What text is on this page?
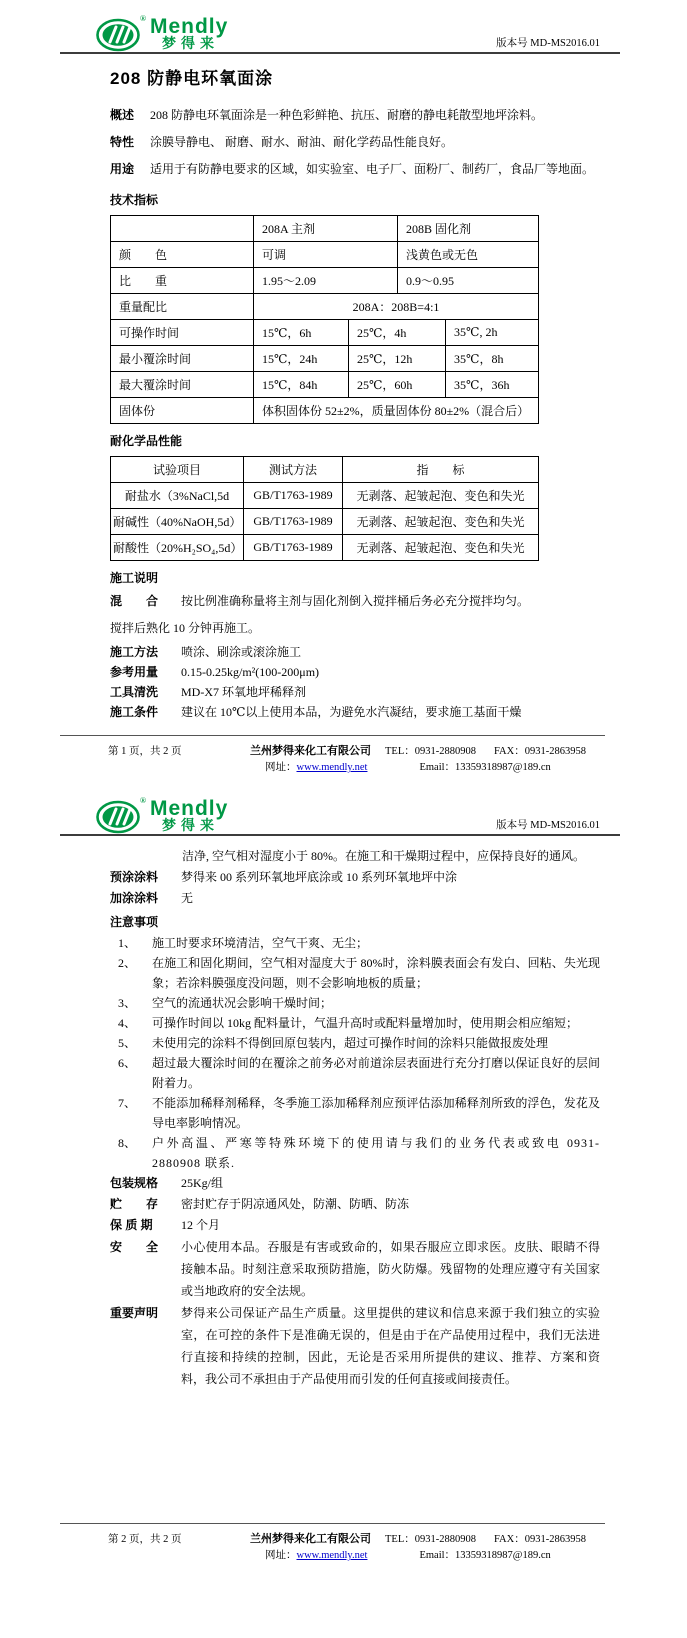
® Mendly
梦得来	版本号 MD-MS2016.01
208 防静电环氧面涂
概述	208 防静电环氧面涂是一种色彩鲜艳、抗压、耐磨的静电耗散型地坪涂料。
特性	涂膜导静电、 耐磨、耐水、耐油、耐化学药品性能良好。
用途	适用于有防静电要求的区域，如实验室、电子厂、面粉厂、制药厂，食品厂等地面。
技术指标
	208A 主剂		208B 固化剂	
颜　　色	可调		浅黄色或无色	
比　　重	1.95～2.09		0.9～0.95	
重量配比	208A：208B=4:1			
可操作时间	15℃，6h	25℃，4h		35℃, 2h
最小覆涂时间	15℃，24h	25℃，12h		35℃，8h
最大覆涂时间	15℃，84h	25℃，60h		35℃，36h
固体份	体积固体份 52±2%，质量固体份 80±2%（混合后）			
耐化学品性能
试验项目	测试方法	指　　标
耐盐水（3%NaCl,5d	GB/T1763-1989	无剥落、起皱起泡、变色和失光
耐碱性（40%NaOH,5d）	GB/T1763-1989	无剥落、起皱起泡、变色和失光
耐酸性（20%H₂SO₄,5d）	GB/T1763-1989	无剥落、起皱起泡、变色和失光
施工说明
混　　合	按比例准确称量将主剂与固化剂倒入搅拌桶后务必充分搅拌均匀。
搅拌后熟化 10 分钟再施工。
施工方法	喷涂、刷涂或滚涂施工
参考用量	0.15-0.25kg/m²(100-200μm)
工具清洗	MD-X7 环氧地坪稀释剂
施工条件	建议在 10℃以上使用本品，为避免水汽凝结，要求施工基面干燥
第 1 页，共 2 页	兰州梦得来化工有限公司 TEL：0931-2880908 FAX：0931-2863958
网址：www.mendly.net	Email：13359318987@189.cn
® Mendly
梦得来	版本号 MD-MS2016.01
洁净, 空气相对湿度小于 80%。在施工和干燥期过程中，应保持良好的通风。
预涂涂料	梦得来 00 系列环氧地坪底涂或 10 系列环氧地坪中涂
加涂涂料	无
注意事项
1、	施工时要求环境清洁，空气干爽、无尘；
2、	在施工和固化期间，空气相对湿度大于 80%时，涂料膜表面会有发白、回粘、失光现象；若涂料膜强度没问题，则不会影响地板的质量；
3、	空气的流通状况会影响干燥时间；
4、	可操作时间以 10kg 配料量计，气温升高时或配料量增加时，使用期会相应缩短；
5、	未使用完的涂料不得倒回原包装内，超过可操作时间的涂料只能做报废处理
6、	超过最大覆涂时间的在覆涂之前务必对前道涂层表面进行充分打磨以保证良好的层间附着力。
7、	不能添加稀释剂稀释，冬季施工添加稀释剂应预评估添加稀释剂所致的浮色，发花及导电率影响情况。
8、	户外高温、严寒等特殊环境下的使用请与我们的业务代表或致电 0931-2880908 联系.
包装规格	25Kg/组
贮　　存	密封贮存于阴凉通风处，防潮、防晒、防冻
保 质 期	12 个月
安　　全	小心使用本品。吞服是有害或致命的，如果吞服应立即求医。皮肤、眼睛不得接触本品。时刻注意采取预防措施，防火防爆。残留物的处理应遵守有关国家或当地政府的安全法规。
重要声明	梦得来公司保证产品生产质量。这里提供的建议和信息来源于我们独立的实验室，在可控的条件下是准确无误的，但是由于在产品使用过程中，我们无法进行直接和持续的控制，因此，无论是否采用所提供的建议、推荐、方案和资料，我公司不承担由于产品使用而引发的任何直接或间接责任。
第 2 页，共 2 页	兰州梦得来化工有限公司 TEL：0931-2880908 FAX：0931-2863958
网址：www.mendly.net	Email：13359318987@189.cn
